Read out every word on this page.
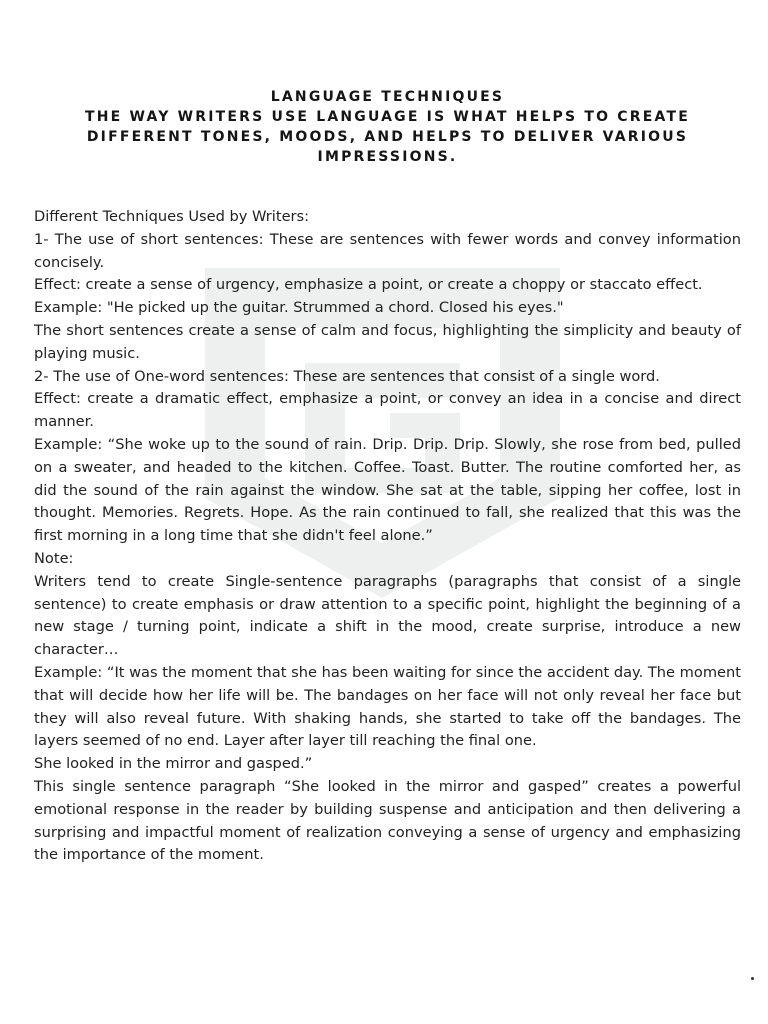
LANGUAGE TECHNIQUES
THE WAY WRITERS USE LANGUAGE IS WHAT HELPS TO CREATE DIFFERENT TONES, MOODS, AND HELPS TO DELIVER VARIOUS IMPRESSIONS.

Different Techniques Used by Writers:

1- The use of short sentences: These are sentences with fewer words and convey information concisely.

Effect: create a sense of urgency, emphasize a point, or create a choppy or staccato effect.

Example: "He picked up the guitar. Strummed a chord. Closed his eyes."

The short sentences create a sense of calm and focus, highlighting the simplicity and beauty of playing music.

2- The use of One-word sentences: These are sentences that consist of a single word.

Effect: create a dramatic effect, emphasize a point, or convey an idea in a concise and direct manner.

Example: “She woke up to the sound of rain. Drip. Drip. Drip. Slowly, she rose from bed, pulled on a sweater, and headed to the kitchen. Coffee. Toast. Butter. The routine comforted her, as did the sound of the rain against the window. She sat at the table, sipping her coffee, lost in thought. Memories. Regrets. Hope. As the rain continued to fall, she realized that this was the first morning in a long time that she didn't feel alone.”

Note:

Writers tend to create Single-sentence paragraphs (paragraphs that consist of a single sentence) to create emphasis or draw attention to a specific point, highlight the beginning of a new stage / turning point, indicate a shift in the mood, create surprise, introduce a new character…

Example: “It was the moment that she has been waiting for since the accident day. The moment that will decide how her life will be. The bandages on her face will not only reveal her face but they will also reveal future. With shaking hands, she started to take off the bandages. The layers seemed of no end. Layer after layer till reaching the final one.

She looked in the mirror and gasped.”

This single sentence paragraph “She looked in the mirror and gasped” creates a powerful emotional response in the reader by building suspense and anticipation and then delivering a surprising and impactful moment of realization conveying a sense of urgency and emphasizing the importance of the moment.
